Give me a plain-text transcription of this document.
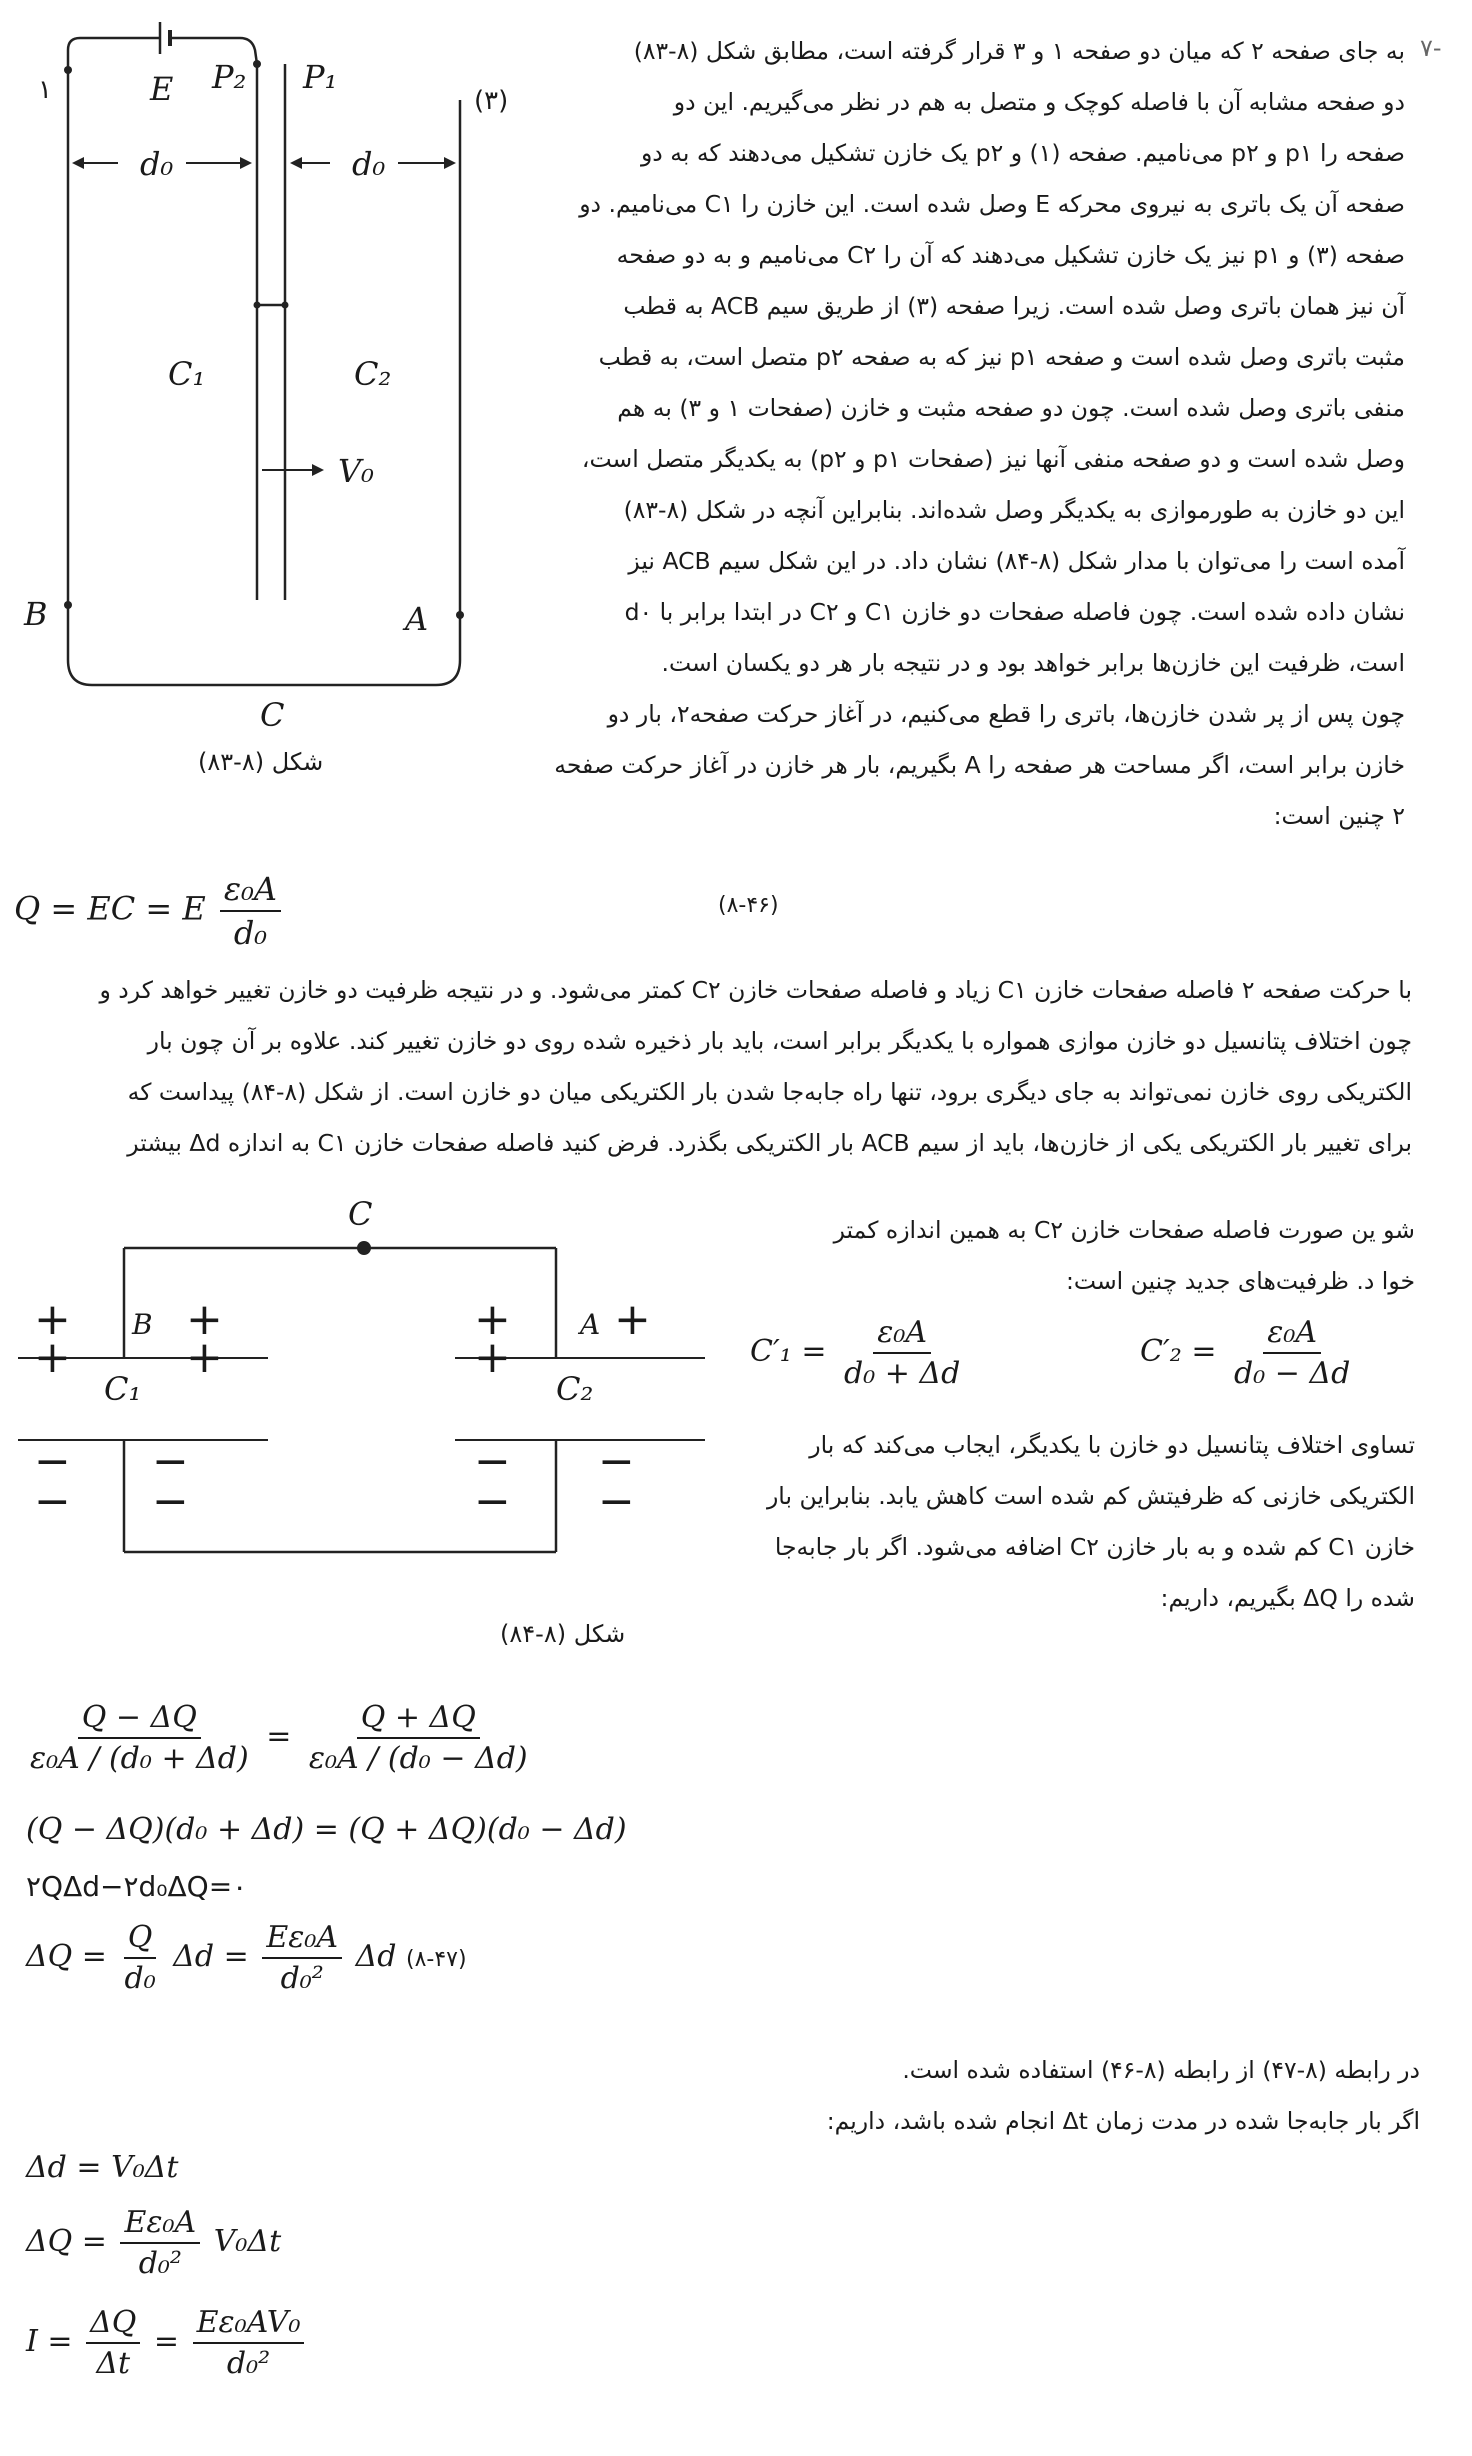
۱	E P₂ P₁
(۳)
d₀	d₀
C₁	C₂
V₀
B	A
C
شکل (۸-۸۳)
۷-
به جای صفحه ۲ که میان دو صفحه ۱ و ۳ قرار گرفته است، مطابق شکل (۸-۸۳)
دو صفحه مشابه آن با فاصله کوچک و متصل به هم در نظر می‌گیریم. این دو
صفحه را p۱ و p۲ می‌نامیم. صفحه (۱) و p۲ یک خازن تشکیل می‌دهند که به دو
صفحه آن یک باتری به نیروی محرکه E وصل شده است. این خازن را C۱ می‌نامیم. دو
صفحه (۳) و p۱ نیز یک خازن تشکیل می‌دهند که آن را C۲ می‌نامیم و به دو صفحه
آن نیز همان باتری وصل شده است. زیرا صفحه (۳) از طریق سیم ACB به قطب
مثبت باتری وصل شده است و صفحه p۱ نیز که به صفحه p۲ متصل است، به قطب
منفی باتری وصل شده است. چون دو صفحه مثبت و خازن (صفحات ۱ و ۳) به هم
وصل شده است و دو صفحه منفی آنها نیز (صفحات p۱ و p۲) به یکدیگر متصل است،
این دو خازن به طورموازی به یکدیگر وصل شده‌اند. بنابراین آنچه در شکل (۸-۸۳)
آمده است را می‌توان با مدار شکل (۸-۸۴) نشان داد. در این شکل سیم ACB نیز
نشان داده شده است. چون فاصله صفحات دو خازن C۱ و C۲ در ابتدا برابر با d۰
است، ظرفیت این خازن‌ها برابر خواهد بود و در نتیجه بار هر دو یکسان است.
چون پس از پر شدن خازن‌ها، باتری را قطع می‌کنیم، در آغاز حرکت صفحه۲، بار دو
خازن برابر است، اگر مساحت هر صفحه را A بگیریم، بار هر خازن در آغاز حرکت صفحه
۲ چنین است:
Q = EC = E $\frac{\text{ε₀A}}{\text{d₀}}$	(۸-۴۶)
با حرکت صفحه ۲ فاصله صفحات خازن C۱ زیاد و فاصله صفحات خازن C۲ کمتر می‌شود. و در نتیجه ظرفیت دو خازن تغییر خواهد کرد و
چون اختلاف پتانسیل دو خازن موازی همواره با یکدیگر برابر است، باید بار ذخیره شده روی دو خازن تغییر کند. علاوه بر آن چون بار
الکتریکی روی خازن نمی‌تواند به جای دیگری برود، تنها راه جابه‌جا شدن بار الکتریکی میان دو خازن است. از شکل (۸-۸۴) پیداست که
برای تغییر بار الکتریکی یکی از خازن‌ها، باید از سیم ACB بار الکتریکی بگذرد. فرض کنید فاصله صفحات خازن C۱ به اندازه Δd بیشتر
C
B	A
C₁	C₂
+
+
+
+
+
+
+
−
−
−
−
−
−
−
−
شکل (۸-۸۴)
شو ین صورت فاصله صفحات خازن C۲ به همین اندازه کمتر
خوا د. ظرفیت‌های جدید چنین است:
$C'_1 = \frac{\text{ε₀A}}{\text{d₀ + Δd}}$	$C'_2 = \frac{\text{ε₀A}}{\text{d₀ − Δd}}$
تساوی اختلاف پتانسیل دو خازن با یکدیگر، ایجاب می‌کند که بار
الکتریکی خازنی که ظرفیتش کم شده است کاهش یابد. بنابراین بار
خازن C۱ کم شده و به بار خازن C۲ اضافه می‌شود. اگر بار جابه‌جا
شده را ΔQ بگیریم، داریم:
$\frac{Q - \Delta Q}{\text{ε₀A / (d₀ + Δd)}} = \frac{Q + \Delta Q}{\text{ε₀A / (d₀ − Δd)}}$
(Q − ΔQ)(d₀ + Δd) = (Q + ΔQ)(d₀ − Δd)
۲QΔd−۲d₀ΔQ=۰
$\Delta Q = \frac{Q}{\text{d₀}}$ $\Delta d = \frac{\text{Eε₀A}}{\text{d₀²}}$ Δd (۸-۴۷)
در رابطه (۸-۴۷) از رابطه (۸-۴۶) استفاده شده است.
اگر بار جابه‌جا شده در مدت زمان Δt انجام شده باشد، داریم:
Δd = V₀Δt
$\Delta Q = \frac{\text{Eε₀A}}{\text{d₀²}} V_0\Delta t$
$I = \frac{\Delta Q}{\Delta t} = \frac{\text{Eε₀AV₀}}{\text{d₀²}}$
